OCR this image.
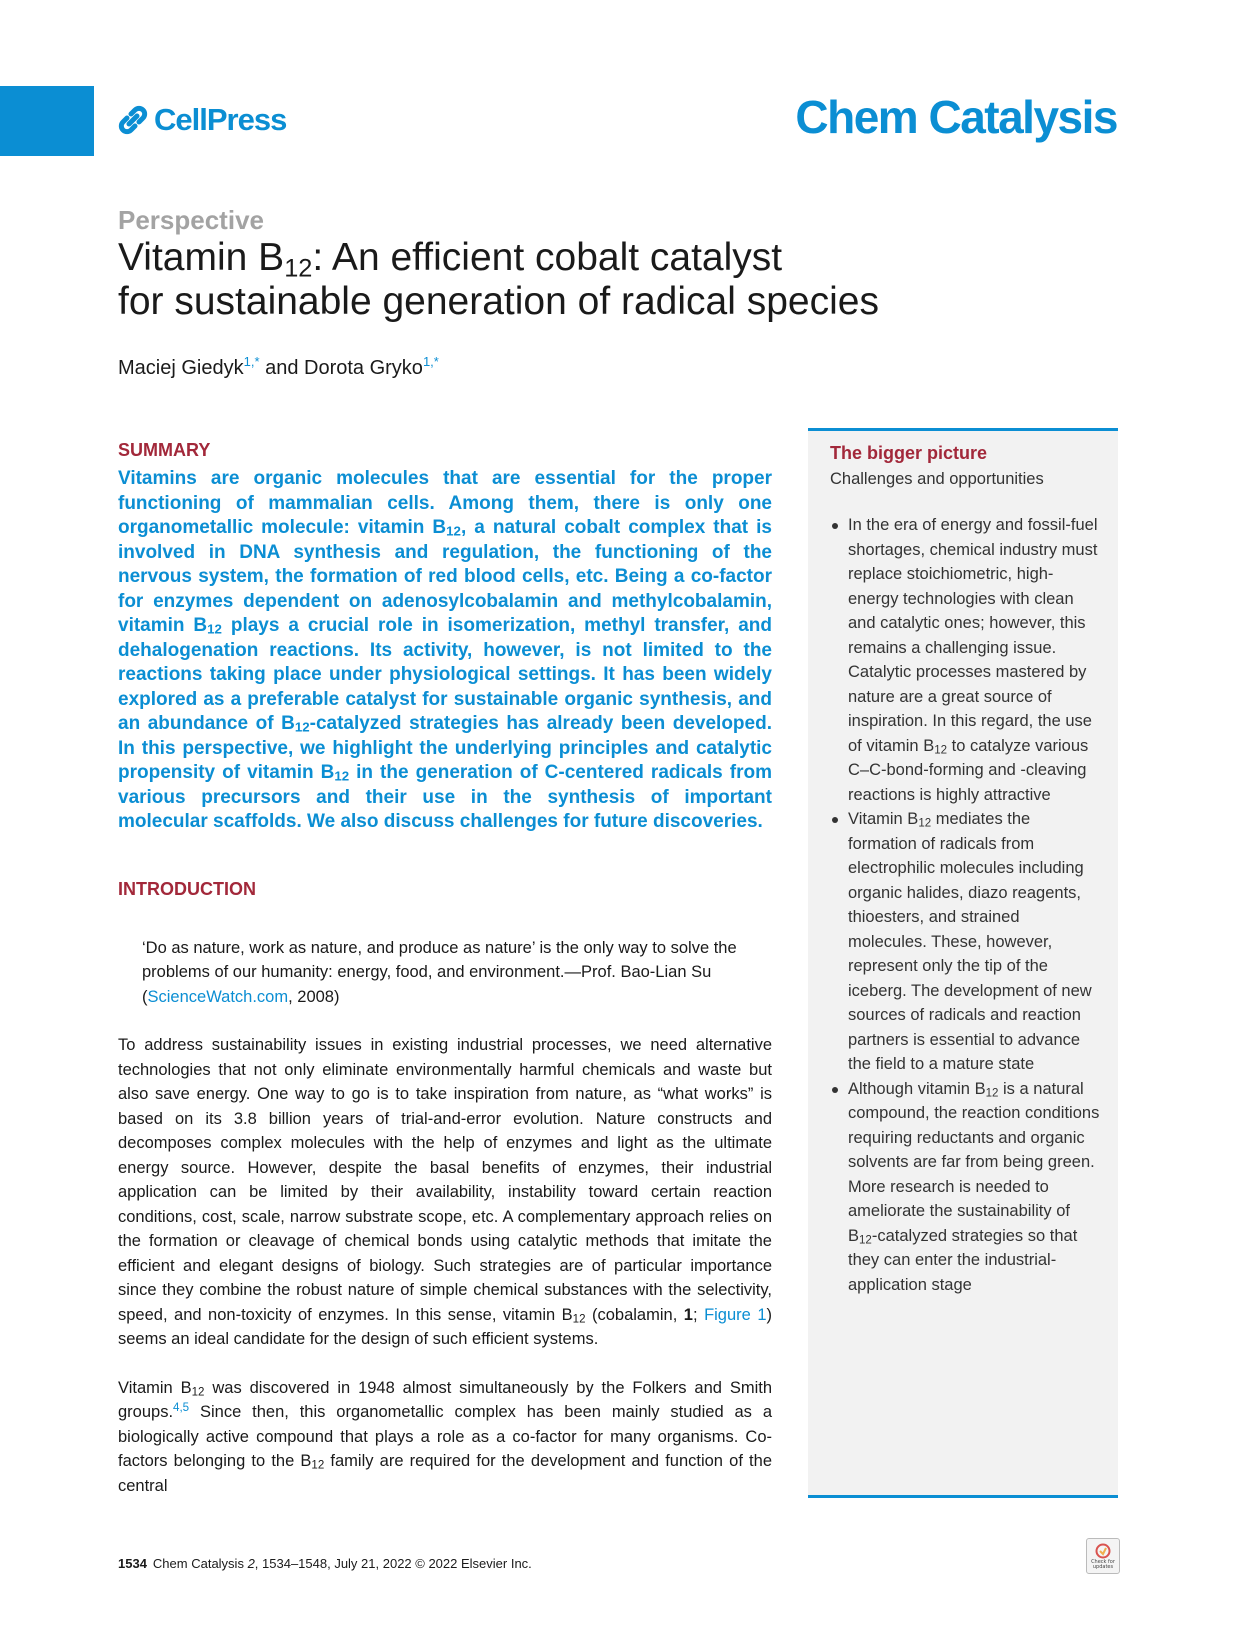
CellPress	Chem Catalysis
Perspective
Vitamin $B_{12}$: An efficient cobalt catalyst
for sustainable generation of radical species
Maciej Giedyk$^{1,*}$ and Dorota Gryko$^{1,*}$
SUMMARY

Vitamins are organic molecules that are essential for the proper functioning of mammalian cells. Among them, there is only one organometallic molecule: vitamin $B_{12}$, a natural cobalt complex that is involved in DNA synthesis and regulation, the functioning of the nervous system, the formation of red blood cells, etc. Being a co-factor for enzymes dependent on adenosylcobalamin and methylcobalamin, vitamin $B_{12}$ plays a crucial role in isomerization, methyl transfer, and dehalogenation reactions. Its activity, however, is not limited to the reactions taking place under physiological settings. It has been widely explored as a preferable catalyst for sustainable organic synthesis, and an abundance of $B_{12}$-catalyzed strategies has already been developed. In this perspective, we highlight the underlying principles and catalytic propensity of vitamin $B_{12}$ in the generation of C-centered radicals from various precursors and their use in the synthesis of important molecular scaffolds. We also discuss challenges for future discoveries.

INTRODUCTION

‘Do as nature, work as nature, and produce as nature’ is the only way to solve the problems of our humanity: energy, food, and environment.—Prof. Bao-Lian Su (ScienceWatch.com, 2008)

To address sustainability issues in existing industrial processes, we need alternative technologies that not only eliminate environmentally harmful chemicals and waste but also save energy. One way to go is to take inspiration from nature, as “what works” is based on its 3.8 billion years of trial-and-error evolution. Nature constructs and decomposes complex molecules with the help of enzymes and light as the ultimate energy source. However, despite the basal benefits of enzymes, their industrial application can be limited by their availability, instability toward certain reaction conditions, cost, scale, narrow substrate scope, etc. A complementary approach relies on the formation or cleavage of chemical bonds using catalytic methods that imitate the efficient and elegant designs of biology. Such strategies are of particular importance since they combine the robust nature of simple chemical substances with the selectivity, speed, and non-toxicity of enzymes. In this sense, vitamin $B_{12}$ (cobalamin, 1; Figure 1) seems an ideal candidate for the design of such efficient systems.

Vitamin $B_{12}$ was discovered in 1948 almost simultaneously by the Folkers and Smith groups.$^{4,5}$ Since then, this organometallic complex has been mainly studied as a biologically active compound that plays a role as a co-factor for many organisms. Co-factors belonging to the $B_{12}$ family are required for the development and function of the central

The bigger picture

Challenges and opportunities

In the era of energy and fossil-fuel shortages, chemical industry must replace stoichiometric, high-energy technologies with clean and catalytic ones; however, this remains a challenging issue. Catalytic processes mastered by nature are a great source of inspiration. In this regard, the use of vitamin $B_{12}$ to catalyze various C–C-bond-forming and -cleaving reactions is highly attractive
Vitamin $B_{12}$ mediates the formation of radicals from electrophilic molecules including organic halides, diazo reagents, thioesters, and strained molecules. These, however, represent only the tip of the iceberg. The development of new sources of radicals and reaction partners is essential to advance the field to a mature state
Although vitamin $B_{12}$ is a natural compound, the reaction conditions requiring reductants and organic solvents are far from being green. More research is needed to ameliorate the sustainability of $B_{12}$-catalyzed strategies so that they can enter the industrial-application stage
1534 Chem Catalysis 2, 1534–1548, July 21, 2022 © 2022 Elsevier Inc.	Check for
updates
